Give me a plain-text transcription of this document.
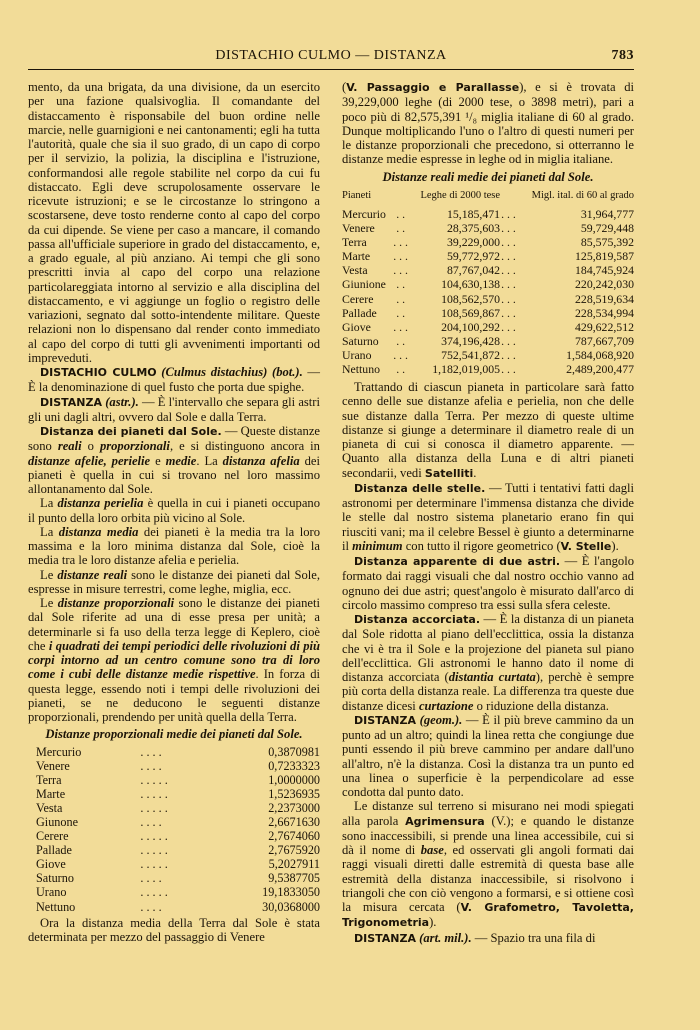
DISTACHIO CULMO — DISTANZA	783

mento, da una brigata, da una divisione, da un esercito per una fazione qualsivoglia. Il comandante del distaccamento è risponsabile del buon ordine nelle marcie, nelle guarnigioni e nei cantonamenti; egli ha tutta l'autorità, quale che sia il suo grado, di un capo di corpo per il servizio, la polizia, la disciplina e l'istruzione, conformandosi alle regole stabilite nel corpo da cui fu distaccato. Egli deve scrupolosamente osservare le ricevute istruzioni; e se le circostanze lo stringono a scostarsene, deve tosto renderne conto al capo del corpo da cui dipende. Se viene per caso a mancare, il comando passa all'ufficiale superiore in grado del distaccamento, e, a grado eguale, al più anziano. Ai tempi che gli sono prescritti invia al capo del corpo una relazione particolareggiata intorno al servizio e alla disciplina del distaccamento, e vi aggiunge un foglio o registro delle variazioni, segnato dal sotto-intendente militare. Queste relazioni non lo dispensano dal render conto immediato al capo del corpo di tutti gli avvenimenti importanti od impreveduti.

DISTACHIO CULMO (Culmus distachius) (bot.). — È la denominazione di quel fusto che porta due spighe.

DISTANZA (astr.). — È l'intervallo che separa gli astri gli uni dagli altri, ovvero dal Sole e dalla Terra.

Distanza dei pianeti dal Sole. — Queste distanze sono reali o proporzionali, e si distinguono ancora in distanze afelie, perielie e medie. La distanza afelia dei pianeti è quella in cui si trovano nel loro massimo allontanamento dal Sole.

La distanza perielia è quella in cui i pianeti occupano il punto della loro orbita più vicino al Sole.

La distanza media dei pianeti è la media tra la loro massima e la loro minima distanza dal Sole, cioè la media tra le loro distanze afelia e perielia.

Le distanze reali sono le distanze dei pianeti dal Sole, espresse in misure terrestri, come leghe, miglia, ecc.

Le distanze proporzionali sono le distanze dei pianeti dal Sole riferite ad una di esse presa per unità; a determinarle si fa uso della terza legge di Keplero, cioè che i quadrati dei tempi periodici delle rivoluzioni di più corpi intorno ad un centro comune sono tra di loro come i cubi delle distanze medie rispettive. In forza di questa legge, essendo noti i tempi delle rivoluzioni dei pianeti, se ne deducono le seguenti distanze proporzionali, prendendo per unità quella della Terra.

Distanze proporzionali medie dei pianeti dal Sole.
Mercurio	. . . .	0,3870981
Venere	. . . .	0,7233323
Terra	. . . . .	1,0000000
Marte	. . . . .	1,5236935
Vesta	. . . . .	2,2373000
Giunone	. . . .	2,6671630
Cerere	. . . . .	2,7674060
Pallade	. . . . .	2,7675920
Giove	. . . . .	5,2027911
Saturno	. . . .	9,5387705
Urano	. . . . .	19,1833050
Nettuno	. . . .	30,0368000

Ora la distanza media della Terra dal Sole è stata determinata per mezzo del passaggio di Venere

(V. Passaggio e Parallasse), e si è trovata di 39,229,000 leghe (di 2000 tese, o 3898 metri), pari a poco più di 82,575,391 ¹/₈ miglia italiane di 60 al grado. Dunque moltiplicando l'uno o l'altro di questi numeri per le distanze proporzionali che precedono, si otterranno le distanze medie espresse in leghe od in miglia italiane.

Distanze reali medie dei pianeti dal Sole.
Pianeti		Leghe di 2000 tese		Migl. ital. di 60 al grado
Mercurio	. .	15,185,471	. . .	31,964,777
Venere	. .	28,375,603	. . .	59,729,448
Terra	. . .	39,229,000	. . .	85,575,392
Marte	. . .	59,772,972	. . .	125,819,587
Vesta	. . .	87,767,042	. . .	184,745,924
Giunione	. .	104,630,138	. . .	220,242,030
Cerere	. .	108,562,570	. . .	228,519,634
Pallade	. .	108,569,867	. . .	228,534,994
Giove	. . .	204,100,292	. . .	429,622,512
Saturno	. .	374,196,428	. . .	787,667,709
Urano	. . .	752,541,872	. . .	1,584,068,920
Nettuno	. .	1,182,019,005	. . .	2,489,200,477

Trattando di ciascun pianeta in particolare sarà fatto cenno delle sue distanze afelia e perielia, non che delle sue distanze dalla Terra. Per mezzo di queste ultime distanze si giunge a determinare il diametro reale di un pianeta di cui si conosca il diametro apparente. — Quanto alla distanza della Luna e di altri pianeti secondarii, vedi Satelliti.

Distanza delle stelle. — Tutti i tentativi fatti dagli astronomi per determinare l'immensa distanza che divide le stelle dal nostro sistema planetario erano fin qui riusciti vani; ma il celebre Bessel è giunto a determinarne il minimum con tutto il rigore geometrico (V. Stelle).

Distanza apparente di due astri. — È l'angolo formato dai raggi visuali che dal nostro occhio vanno ad ognuno dei due astri; quest'angolo è misurato dall'arco di circolo massimo compreso tra essi sulla sfera celeste.

Distanza accorciata. — È la distanza di un pianeta dal Sole ridotta al piano dell'ecclittica, ossia la distanza che vi è tra il Sole e la projezione del pianeta sul piano dell'ecclittica. Gli astronomi le hanno dato il nome di distanza accorciata (distantia curtata), perchè è sempre più corta della distanza reale. La differenza tra queste due distanze dicesi curtazione o riduzione della distanza.

DISTANZA (geom.). — È il più breve cammino da un punto ad un altro; quindi la linea retta che congiunge due punti essendo il più breve cammino per andare dall'uno all'altro, n'è la distanza. Così la distanza tra un punto ed una linea o superficie è la perpendicolare ad esse condotta dal punto dato.

Le distanze sul terreno si misurano nei modi spiegati alla parola Agrimensura (V.); e quando le distanze sono inaccessibili, si prende una linea accessibile, cui si dà il nome di base, ed osservati gli angoli formati dai raggi visuali diretti dalle estremità di questa base alle estremità della distanza inaccessibile, si risolvono i triangoli che con ciò vengono a formarsi, e si ottiene così la misura cercata (V. Grafometro, Tavoletta, Trigonometria).

DISTANZA (art. mil.). — Spazio tra una fila di
